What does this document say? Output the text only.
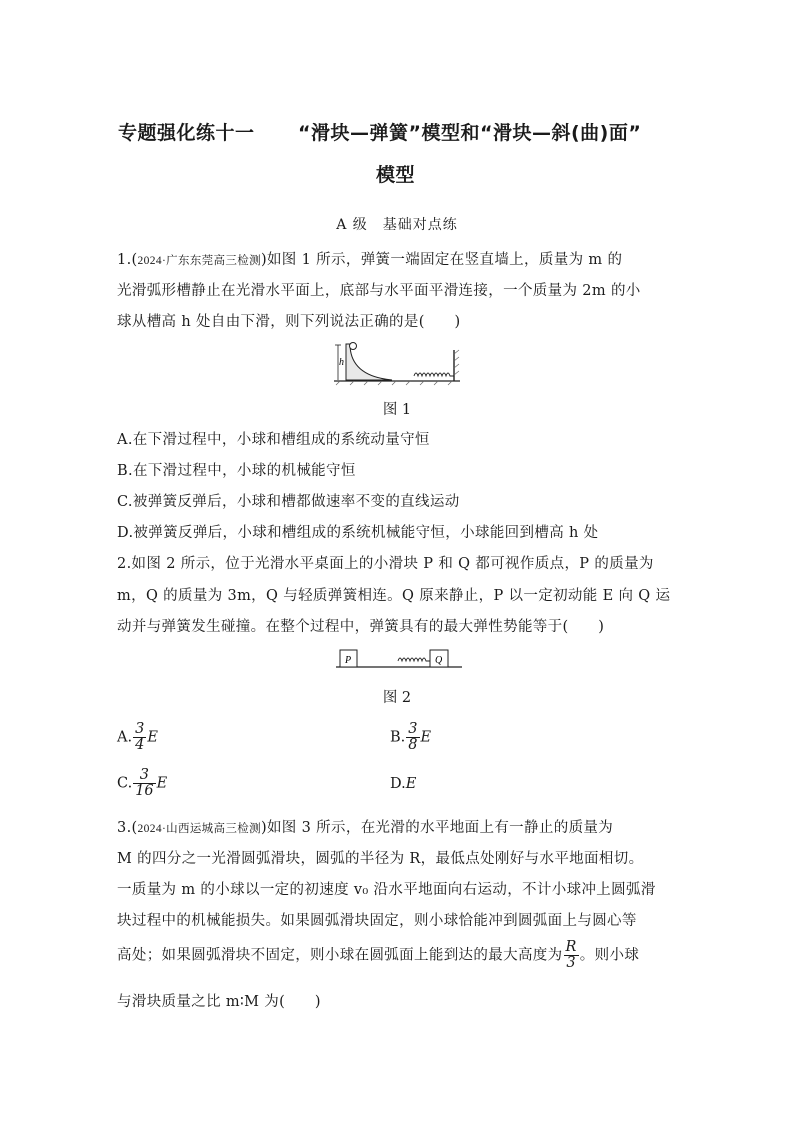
专题强化练十一 “滑块—弹簧”模型和“滑块—斜(曲)面”
模型
A 级　基础对点练
1.(2024·广东东莞高三检测)如图 1 所示，弹簧一端固定在竖直墙上，质量为 m 的
光滑弧形槽静止在光滑水平面上，底部与水平面平滑连接，一个质量为 2m 的小
球从槽高 h 处自由下滑，则下列说法正确的是(　　)
h
图 1
A.在下滑过程中，小球和槽组成的系统动量守恒
B.在下滑过程中，小球的机械能守恒
C.被弹簧反弹后，小球和槽都做速率不变的直线运动
D.被弹簧反弹后，小球和槽组成的系统机械能守恒，小球能回到槽高 h 处
2.如图 2 所示，位于光滑水平桌面上的小滑块 P 和 Q 都可视作质点，P 的质量为
m，Q 的质量为 3m，Q 与轻质弹簧相连。Q 原来静止，P 以一定初动能 E 向 Q 运
动并与弹簧发生碰撞。在整个过程中，弹簧具有的最大弹性势能等于(　　)
P	Q
图 2
A. $\frac{3}{4}$ E	B. $\frac{3}{8}$ E
C. $\frac{3}{16}$ E	D.E
3.(2024·山西运城高三检测)如图 3 所示，在光滑的水平地面上有一静止的质量为
M 的四分之一光滑圆弧滑块，圆弧的半径为 R，最低点处刚好与水平地面相切。
一质量为 m 的小球以一定的初速度 v₀ 沿水平地面向右运动，不计小球冲上圆弧滑
块过程中的机械能损失。如果圆弧滑块固定，则小球恰能冲到圆弧面上与圆心等
高处；如果圆弧滑块不固定，则小球在圆弧面上能到达的最大高度为 $\frac{R}{3}$ 。则小球
与滑块质量之比 m∶M 为(　　)
